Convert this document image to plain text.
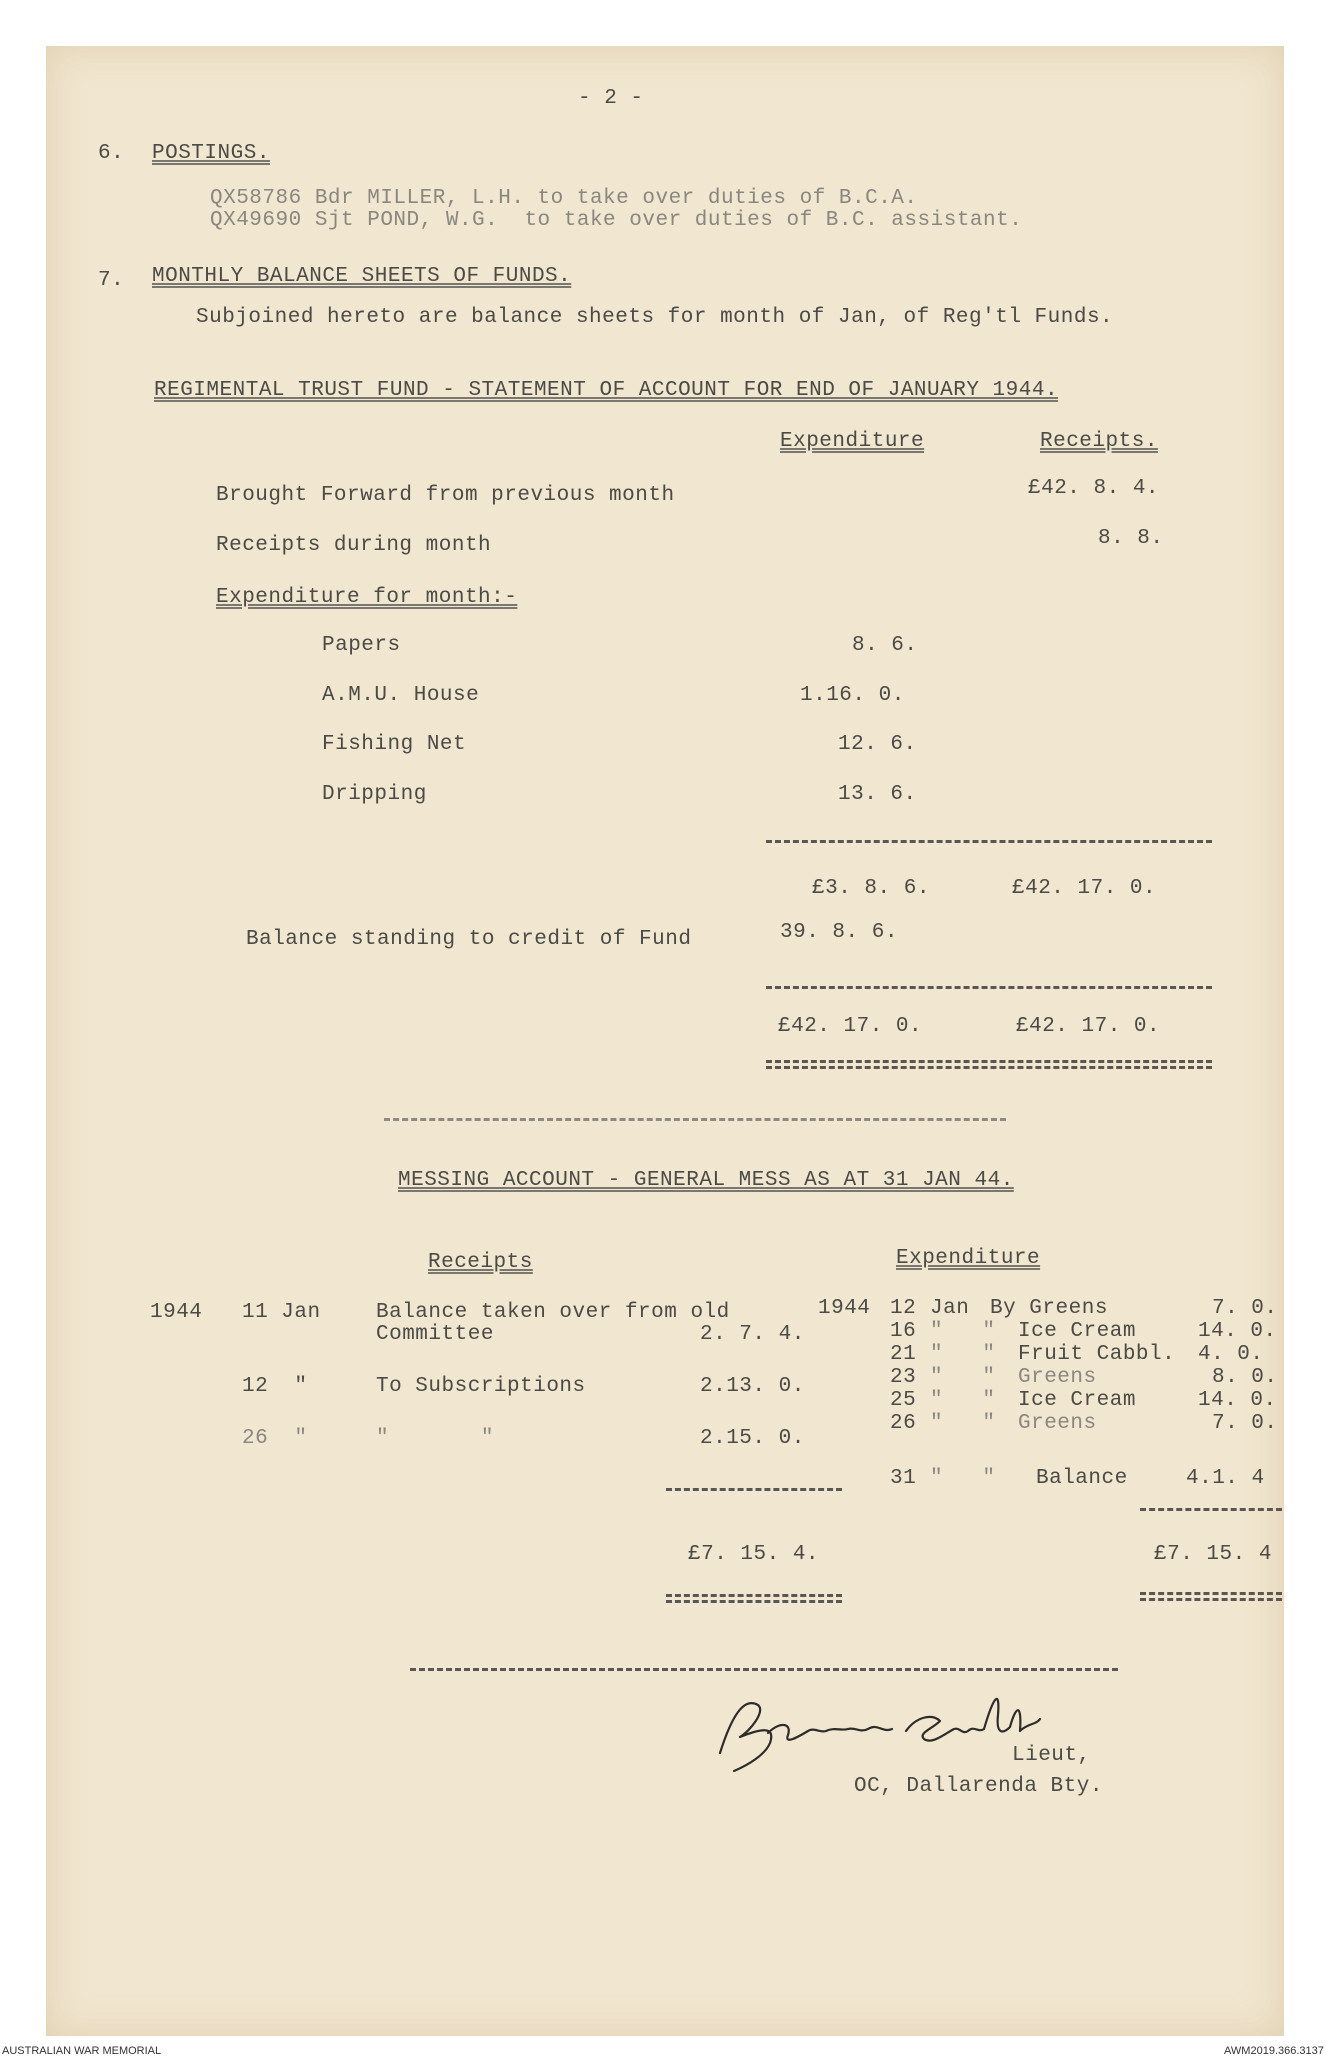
- 2 -
6. POSTINGS.
QX58786 Bdr MILLER, L.H. to take over duties of B.C.A.
QX49690 Sjt POND, W.G.  to take over duties of B.C. assistant.
7. MONTHLY BALANCE SHEETS OF FUNDS.
Subjoined hereto are balance sheets for month of Jan, of Reg'tl Funds.
REGIMENTAL TRUST FUND - STATEMENT OF ACCOUNT FOR END OF JANUARY 1944.
Expenditure	Receipts.
Brought Forward from previous month	£42. 8. 4.
Receipts during month	8. 8.
Expenditure for month:-
Papers	8. 6.
A.M.U. House	1.16. 0.
Fishing Net	12. 6.
Dripping	13. 6.
£3. 8. 6.	£42. 17. 0.
Balance standing to credit of Fund	39. 8. 6.
£42. 17. 0.	£42. 17. 0.
MESSING ACCOUNT - GENERAL MESS AS AT 31 JAN 44.
Receipts	Expenditure
1944 11 Jan	Balance taken over from old
Committee	2. 7. 4.
12  "	To Subscriptions	2.13. 0.
26  "	"       "	2.15. 0.
£7. 15. 4.
1944 12 Jan By Greens	7. 0.
16 "   " Ice Cream	14. 0.
21 "   " Fruit Cabbl. 4. 0.
23 "   " Greens	8. 0.
25 "   " Ice Cream	14. 0.
26 "   " Greens	7. 0.
31 "   " Balance	4.1. 4
£7. 15. 4
Lieut,
OC, Dallarenda Bty.
AUSTRALIAN WAR MEMORIAL	AWM2019.366.3137
